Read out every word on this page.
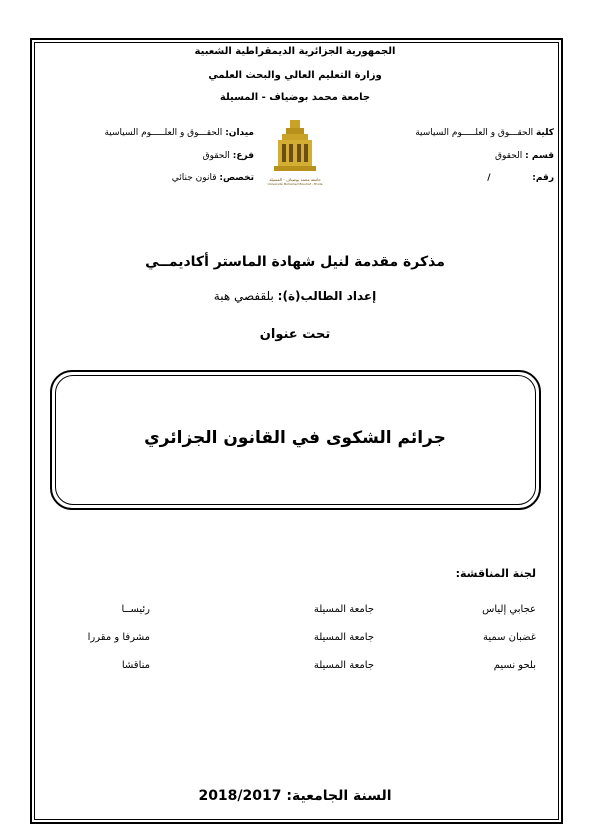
الجمهورية الجزائرية الديمقراطية الشعبية
وزارة التعليم العالي والبحث العلمي
جامعة محمد بوضياف - المسيلة
كلية الحقـــوق و العلـــــوم السياسية
قسم : الحقوق
رقم:  /
ميدان: الحقـــوق و العلـــــوم السياسية
فرع: الحقوق
تخصص: قانون جنائي	جامعة محمد بوضياف - المسيلة
Université Mohamed Boudiaf - M'sila
مذكرة مقدمة لنيل شهادة الماستر أكاديمــي
إعداد الطالب(ة): بلقفصي هبة
تحت عنوان
جرائم الشكوى في القانون الجزائري
لجنة المناقشة:
عجابي إلياس
جامعة المسيلة
رئيســا
غضبان سمية
جامعة المسيلة
مشرفا و مقررا
بلحو نسيم
جامعة المسيلة
مناقشا
السنة الجامعية: 2018/2017
